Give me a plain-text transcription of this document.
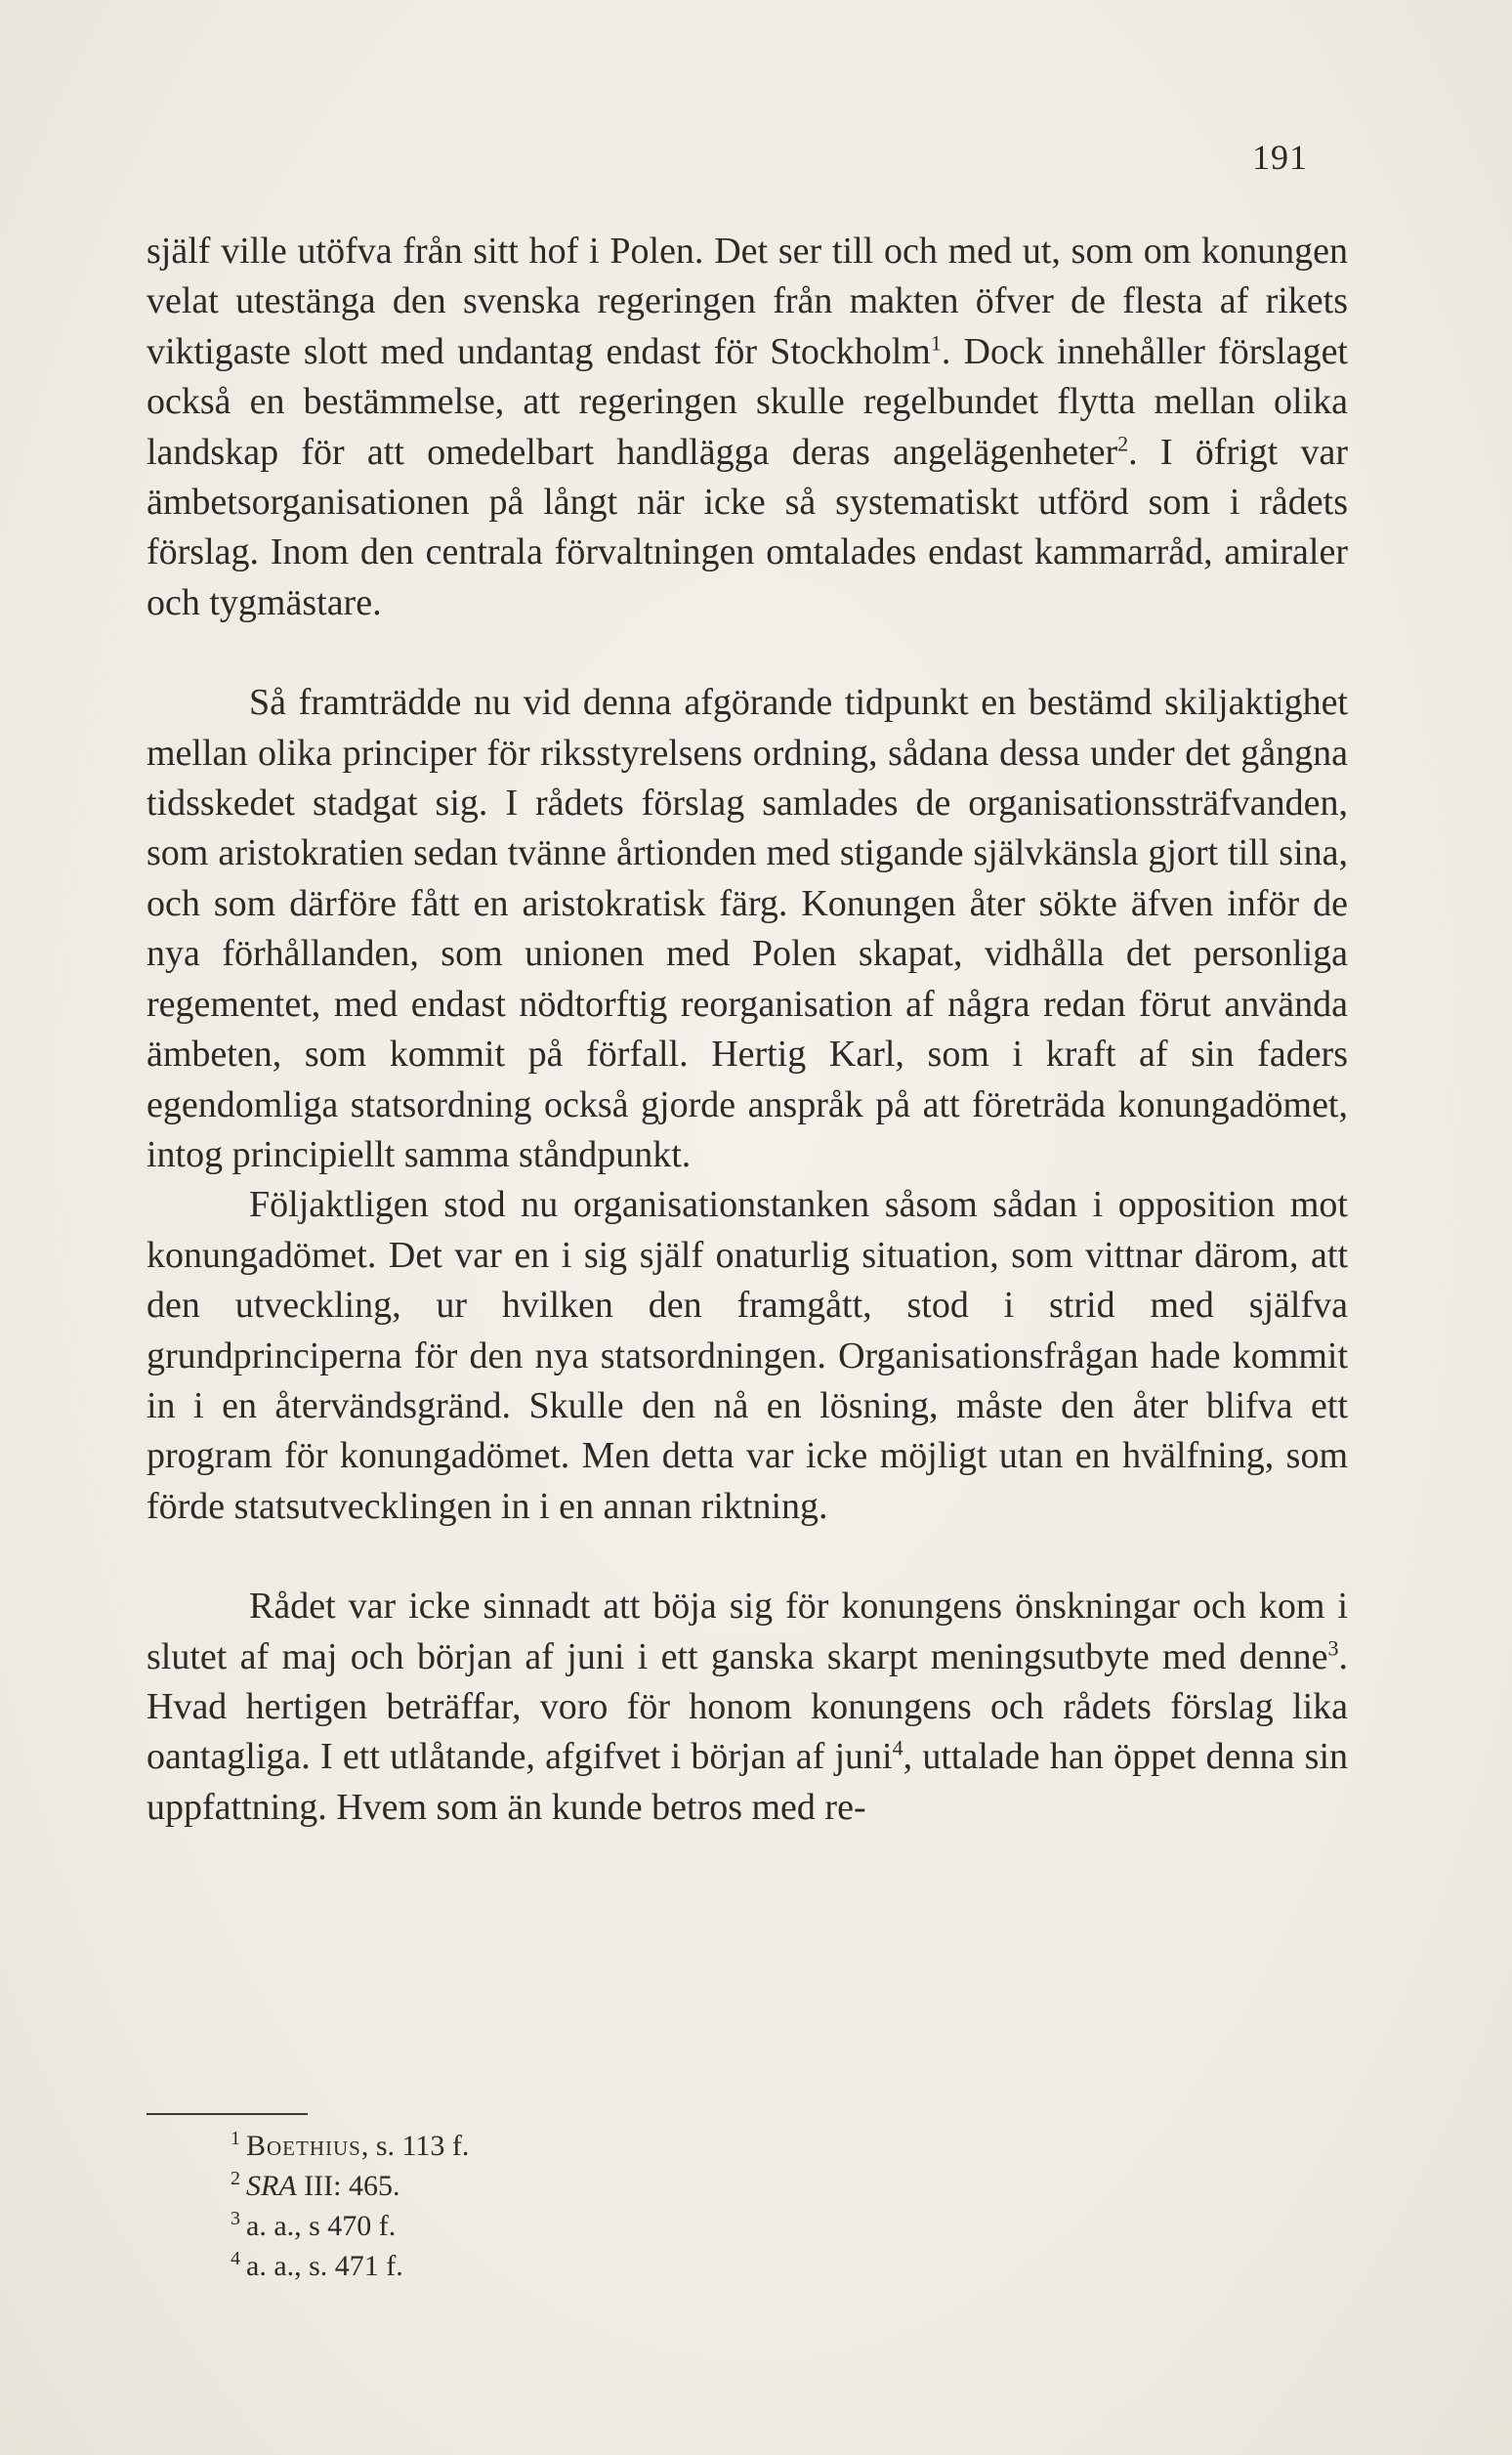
191

själf ville utöfva från sitt hof i Polen. Det ser till och med ut, som om konungen velat utestänga den svenska regeringen från makten öfver de flesta af rikets viktigaste slott med undantag endast för Stockholm$^1$. Dock innehåller förslaget också en bestämmelse, att regeringen skulle regelbundet flytta mellan olika landskap för att omedelbart handlägga deras angelägenheter$^2$. I öfrigt var ämbetsorganisationen på långt när icke så systematiskt utförd som i rådets förslag. Inom den centrala förvaltningen omtalades endast kammarråd, amiraler och tygmästare.

Så framträdde nu vid denna afgörande tidpunkt en bestämd skiljaktighet mellan olika principer för riksstyrelsens ordning, sådana dessa under det gångna tidsskedet stadgat sig. I rådets förslag samlades de organisationssträfvanden, som aristokratien sedan tvänne årtionden med stigande självkänsla gjort till sina, och som därföre fått en aristokratisk färg. Konungen åter sökte äfven inför de nya förhållanden, som unionen med Polen skapat, vidhålla det personliga regementet, med endast nödtorftig reorganisation af några redan förut använda ämbeten, som kommit på förfall. Hertig Karl, som i kraft af sin faders egendomliga statsordning också gjorde anspråk på att företräda konungadömet, intog principiellt samma ståndpunkt.

Följaktligen stod nu organisationstanken såsom sådan i opposition mot konungadömet. Det var en i sig själf onaturlig situation, som vittnar därom, att den utveckling, ur hvilken den framgått, stod i strid med själfva grundprinciperna för den nya statsordningen. Organisationsfrågan hade kommit in i en återvändsgränd. Skulle den nå en lösning, måste den åter blifva ett program för konungadömet. Men detta var icke möjligt utan en hvälfning, som förde statsutvecklingen in i en annan riktning.

Rådet var icke sinnadt att böja sig för konungens önskningar och kom i slutet af maj och början af juni i ett ganska skarpt meningsutbyte med denne$^3$. Hvad hertigen beträffar, voro för honom konungens och rådets förslag lika oantagliga. I ett utlåtande, afgifvet i början af juni$^4$, uttalade han öppet denna sin uppfattning. Hvem som än kunde betros med re-

$^1$ Boethius, s. 113 f.
$^2$ SRA III: 465.
$^3$ a. a., s 470 f.
$^4$ a. a., s. 471 f.
